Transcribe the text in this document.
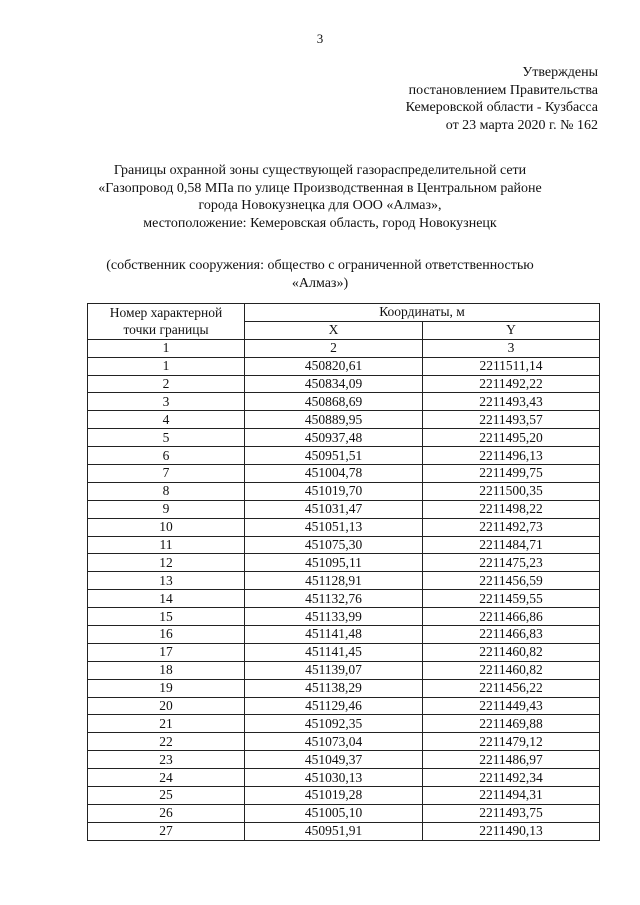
3
Утверждены
постановлением Правительства
Кемеровской области - Кузбасса
от 23 марта 2020 г. № 162
Границы охранной зоны существующей газораспределительной сети
«Газопровод 0,58 МПа по улице Производственная в Центральном районе
города Новокузнецка для ООО «Алмаз»,
местоположение: Кемеровская область, город Новокузнецк
(собственник сооружения: общество с ограниченной ответственностью
«Алмаз»)
Номер характерной
точки границы	Координаты, м	
	X	Y
1	2	3
1	450820,61	2211511,14
2	450834,09	2211492,22
3	450868,69	2211493,43
4	450889,95	2211493,57
5	450937,48	2211495,20
6	450951,51	2211496,13
7	451004,78	2211499,75
8	451019,70	2211500,35
9	451031,47	2211498,22
10	451051,13	2211492,73
11	451075,30	2211484,71
12	451095,11	2211475,23
13	451128,91	2211456,59
14	451132,76	2211459,55
15	451133,99	2211466,86
16	451141,48	2211466,83
17	451141,45	2211460,82
18	451139,07	2211460,82
19	451138,29	2211456,22
20	451129,46	2211449,43
21	451092,35	2211469,88
22	451073,04	2211479,12
23	451049,37	2211486,97
24	451030,13	2211492,34
25	451019,28	2211494,31
26	451005,10	2211493,75
27	450951,91	2211490,13
